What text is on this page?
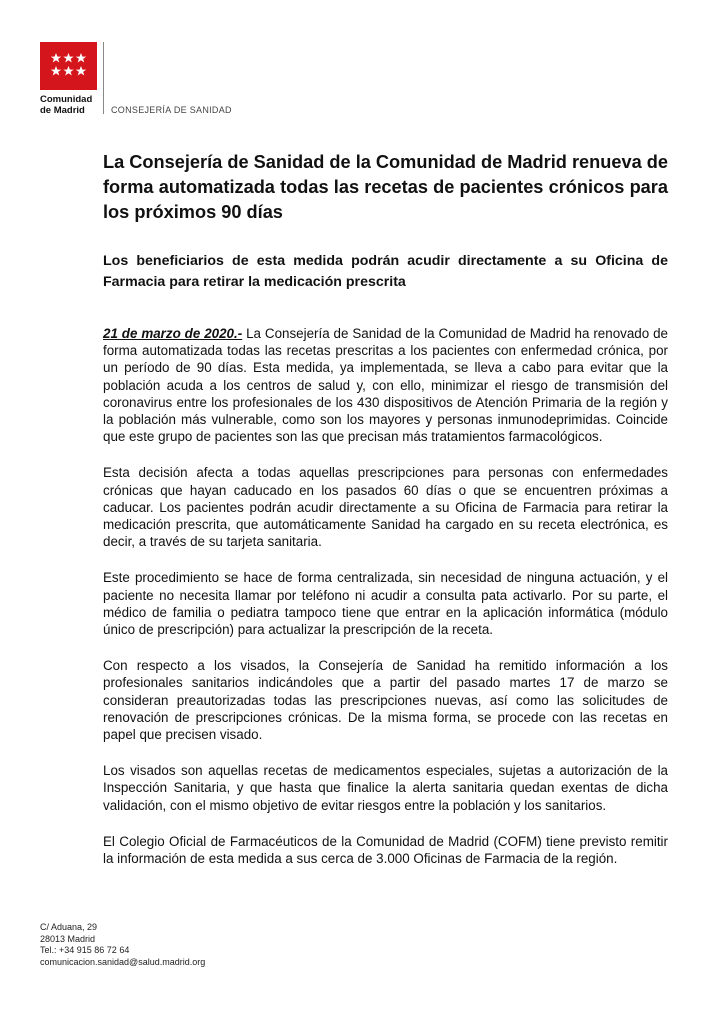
Comunidad
de Madrid	CONSEJERÍA DE SANIDAD
La Consejería de Sanidad de la Comunidad de Madrid renueva de forma automatizada todas las recetas de pacientes crónicos para los próximos 90 días
Los beneficiarios de esta medida podrán acudir directamente a su Oficina de Farmacia para retirar la medicación prescrita

21 de marzo de 2020.- La Consejería de Sanidad de la Comunidad de Madrid ha renovado de forma automatizada todas las recetas prescritas a los pacientes con enfermedad crónica, por un período de 90 días. Esta medida, ya implementada, se lleva a cabo para evitar que la población acuda a los centros de salud y, con ello, minimizar el riesgo de transmisión del coronavirus entre los profesionales de los 430 dispositivos de Atención Primaria de la región y la población más vulnerable, como son los mayores y personas inmunodeprimidas. Coincide que este grupo de pacientes son las que precisan más tratamientos farmacológicos.

Esta decisión afecta a todas aquellas prescripciones para personas con enfermedades crónicas que hayan caducado en los pasados 60 días o que se encuentren próximas a caducar. Los pacientes podrán acudir directamente a su Oficina de Farmacia para retirar la medicación prescrita, que automáticamente Sanidad ha cargado en su receta electrónica, es decir, a través de su tarjeta sanitaria.

Este procedimiento se hace de forma centralizada, sin necesidad de ninguna actuación, y el paciente no necesita llamar por teléfono ni acudir a consulta pata activarlo. Por su parte, el médico de familia o pediatra tampoco tiene que entrar en la aplicación informática (módulo único de prescripción) para actualizar la prescripción de la receta.

Con respecto a los visados, la Consejería de Sanidad ha remitido información a los profesionales sanitarios indicándoles que a partir del pasado martes 17 de marzo se consideran preautorizadas todas las prescripciones nuevas, así como las solicitudes de renovación de prescripciones crónicas. De la misma forma, se procede con las recetas en papel que precisen visado.

Los visados son aquellas recetas de medicamentos especiales, sujetas a autorización de la Inspección Sanitaria, y que hasta que finalice la alerta sanitaria quedan exentas de dicha validación, con el mismo objetivo de evitar riesgos entre la población y los sanitarios.

El Colegio Oficial de Farmacéuticos de la Comunidad de Madrid (COFM) tiene previsto remitir la información de esta medida a sus cerca de 3.000 Oficinas de Farmacia de la región.

C/ Aduana, 29
28013 Madrid
Tel.: +34 915 86 72 64
comunicacion.sanidad@salud.madrid.org
